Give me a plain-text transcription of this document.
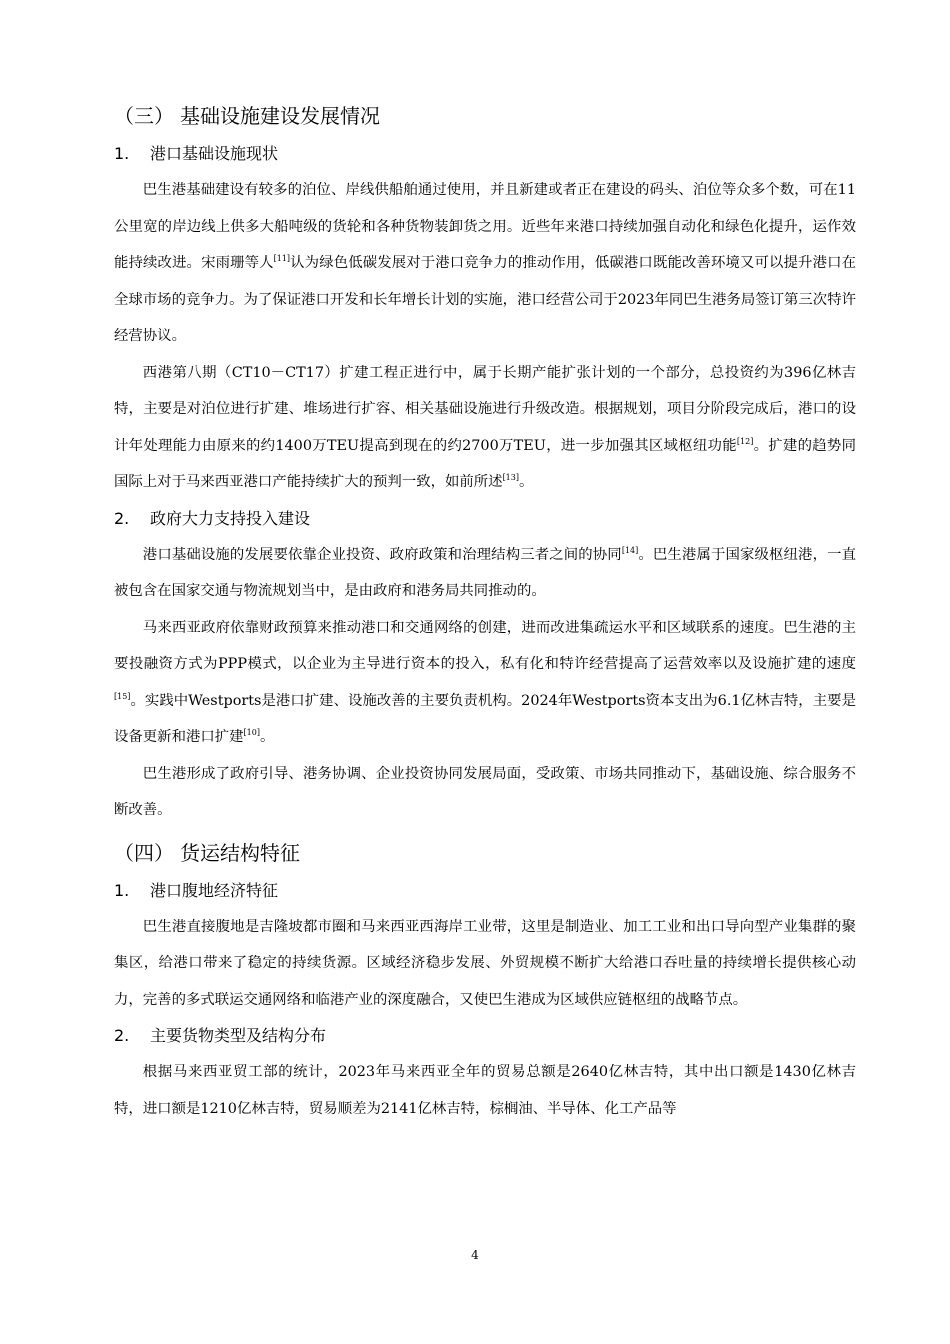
（三） 基础设施建设发展情况
1. 港口基础设施现状

巴生港基础建设有较多的泊位、岸线供船舶通过使用，并且新建或者正在建设的码头、泊位等众多个数，可在11公里宽的岸边线上供多大船吨级的货轮和各种货物装卸货之用。近些年来港口持续加强自动化和绿色化提升，运作效能持续改进。宋雨珊等人[11]认为绿色低碳发展对于港口竞争力的推动作用，低碳港口既能改善环境又可以提升港口在全球市场的竞争力。为了保证港口开发和长年增长计划的实施，港口经营公司于2023年同巴生港务局签订第三次特许经营协议。

西港第八期（CT10－CT17）扩建工程正进行中，属于长期产能扩张计划的一个部分，总投资约为396亿林吉特，主要是对泊位进行扩建、堆场进行扩容、相关基础设施进行升级改造。根据规划，项目分阶段完成后，港口的设计年处理能力由原来的约1400万TEU提高到现在的约2700万TEU，进一步加强其区域枢纽功能[12]。扩建的趋势同国际上对于马来西亚港口产能持续扩大的预判一致，如前所述[13]。

2. 政府大力支持投入建设

港口基础设施的发展要依靠企业投资、政府政策和治理结构三者之间的协同[14]。巴生港属于国家级枢纽港，一直被包含在国家交通与物流规划当中，是由政府和港务局共同推动的。

马来西亚政府依靠财政预算来推动港口和交通网络的创建，进而改进集疏运水平和区域联系的速度。巴生港的主要投融资方式为PPP模式，以企业为主导进行资本的投入，私有化和特许经营提高了运营效率以及设施扩建的速度[15]。实践中Westports是港口扩建、设施改善的主要负责机构。2024年Westports资本支出为6.1亿林吉特，主要是设备更新和港口扩建[10]。

巴生港形成了政府引导、港务协调、企业投资协同发展局面，受政策、市场共同推动下，基础设施、综合服务不断改善。

（四） 货运结构特征
1. 港口腹地经济特征

巴生港直接腹地是吉隆坡都市圈和马来西亚西海岸工业带，这里是制造业、加工工业和出口导向型产业集群的聚集区，给港口带来了稳定的持续货源。区域经济稳步发展、外贸规模不断扩大给港口吞吐量的持续增长提供核心动力，完善的多式联运交通网络和临港产业的深度融合，又使巴生港成为区域供应链枢纽的战略节点。

2. 主要货物类型及结构分布

根据马来西亚贸工部的统计，2023年马来西亚全年的贸易总额是2640亿林吉特，其中出口额是1430亿林吉特，进口额是1210亿林吉特，贸易顺差为2141亿林吉特，棕榈油、半导体、化工产品等

4
